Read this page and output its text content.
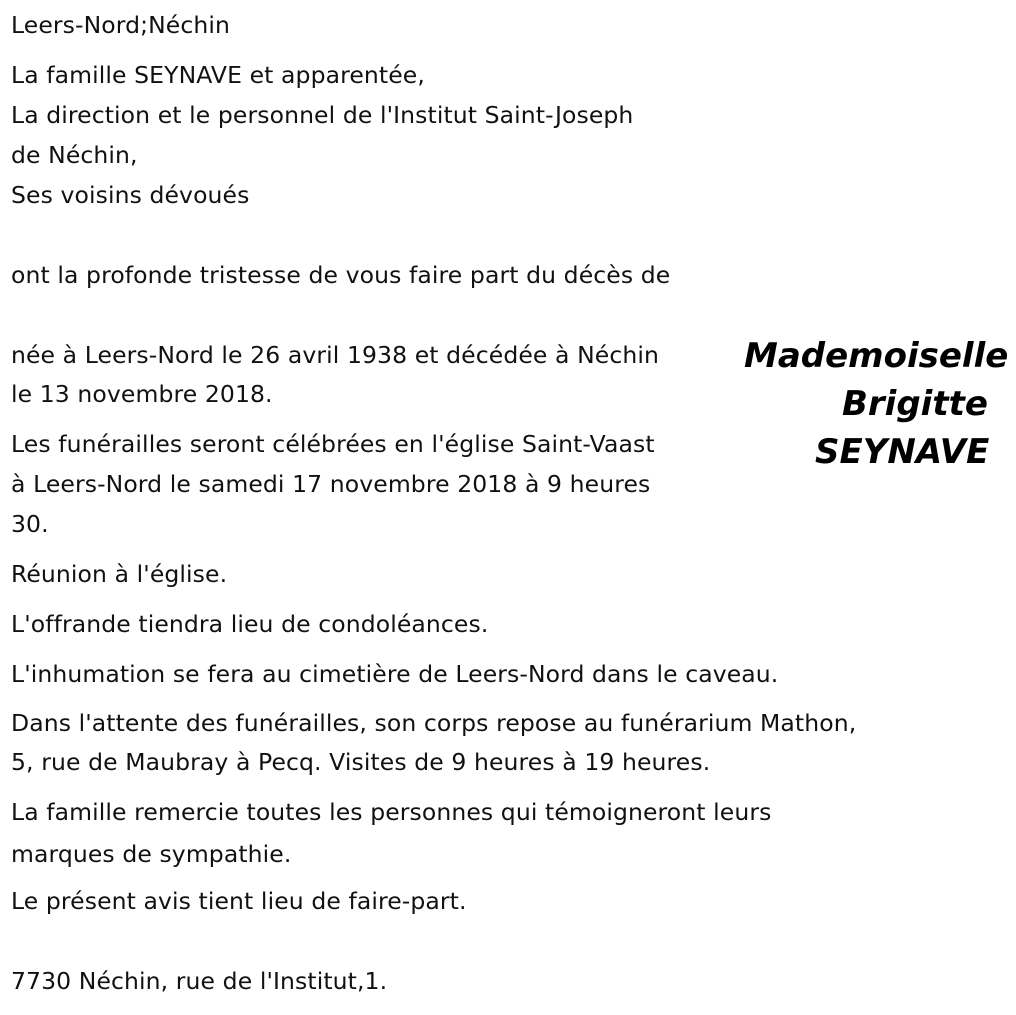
Leers-Nord;Néchin
La famille SEYNAVE et apparentée,
La direction et le personnel de l'Institut Saint-Joseph
de Néchin,
Ses voisins dévoués
ont la profonde tristesse de vous faire part du décès de
née à Leers-Nord le 26 avril 1938 et décédée à Néchin
le 13 novembre 2018.
Les funérailles seront célébrées en l'église Saint-Vaast
à Leers-Nord le samedi 17 novembre 2018 à 9 heures
30.
Réunion à l'église.
L'offrande tiendra lieu de condoléances.
L'inhumation se fera au cimetière de Leers-Nord dans le caveau.
Dans l'attente des funérailles, son corps repose au funérarium Mathon,
5, rue de Maubray à Pecq. Visites de 9 heures à 19 heures.
La famille remercie toutes les personnes qui témoigneront leurs
marques de sympathie.
Le présent avis tient lieu de faire-part.
7730 Néchin, rue de l'Institut,1.
Mademoiselle
Brigitte
SEYNAVE
